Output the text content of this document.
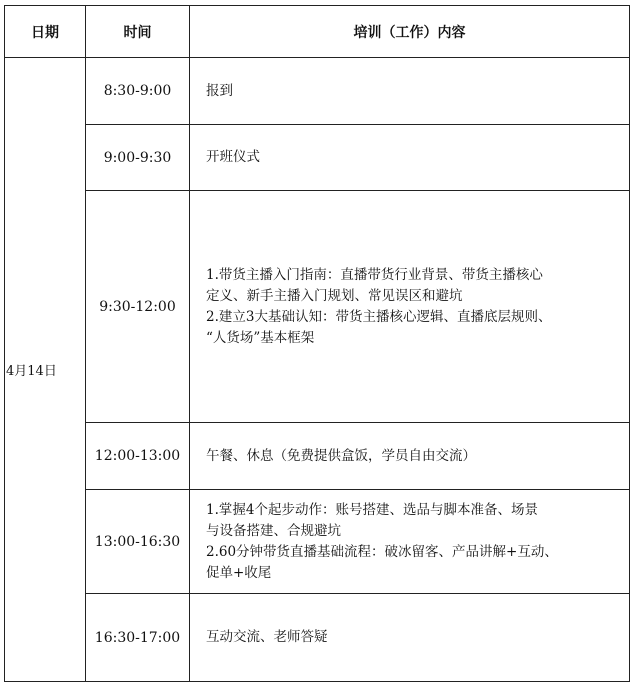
日期	时间	培训（工作）内容
4月14日	8:30-9:00	报到

	9:00-9:30	开班仪式

	9:30-12:00	1.带货主播入门指南：直播带货行业背景、带货主播核心
定义、新手主播入门规划、常见误区和避坑
2.建立3大基础认知：带货主播核心逻辑、直播底层规则、
“人货场”基本框架

	12:00-13:00	午餐、休息（免费提供盒饭，学员自由交流）

	13:00-16:30	1.掌握4个起步动作：账号搭建、选品与脚本准备、场景
与设备搭建、合规避坑
2.60分钟带货直播基础流程：破冰留客、产品讲解+互动、
促单+收尾

	16:30-17:00	互动交流、老师答疑
